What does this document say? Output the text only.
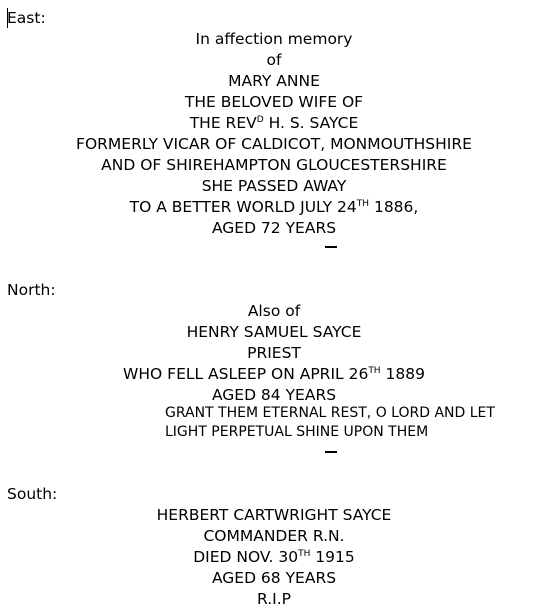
East:

In affection memory

of

MARY ANNE

THE BELOVED WIFE OF

THE $REV^D$ H. S. SAYCE

FORMERLY VICAR OF CALDICOT, MONMOUTHSHIRE

AND OF SHIREHAMPTON GLOUCESTERSHIRE

SHE PASSED AWAY

TO A BETTER WORLD JULY 24TH 1886,

AGED 72 YEARS

North:

Also of

HENRY SAMUEL SAYCE

PRIEST

WHO FELL ASLEEP ON APRIL 26TH 1889

AGED 84 YEARS

GRANT THEM ETERNAL REST, O LORD AND LET

LIGHT PERPETUAL SHINE UPON THEM

South:

HERBERT CARTWRIGHT SAYCE

COMMANDER R.N.

DIED NOV. 30TH 1915

AGED 68 YEARS

R.I.P
